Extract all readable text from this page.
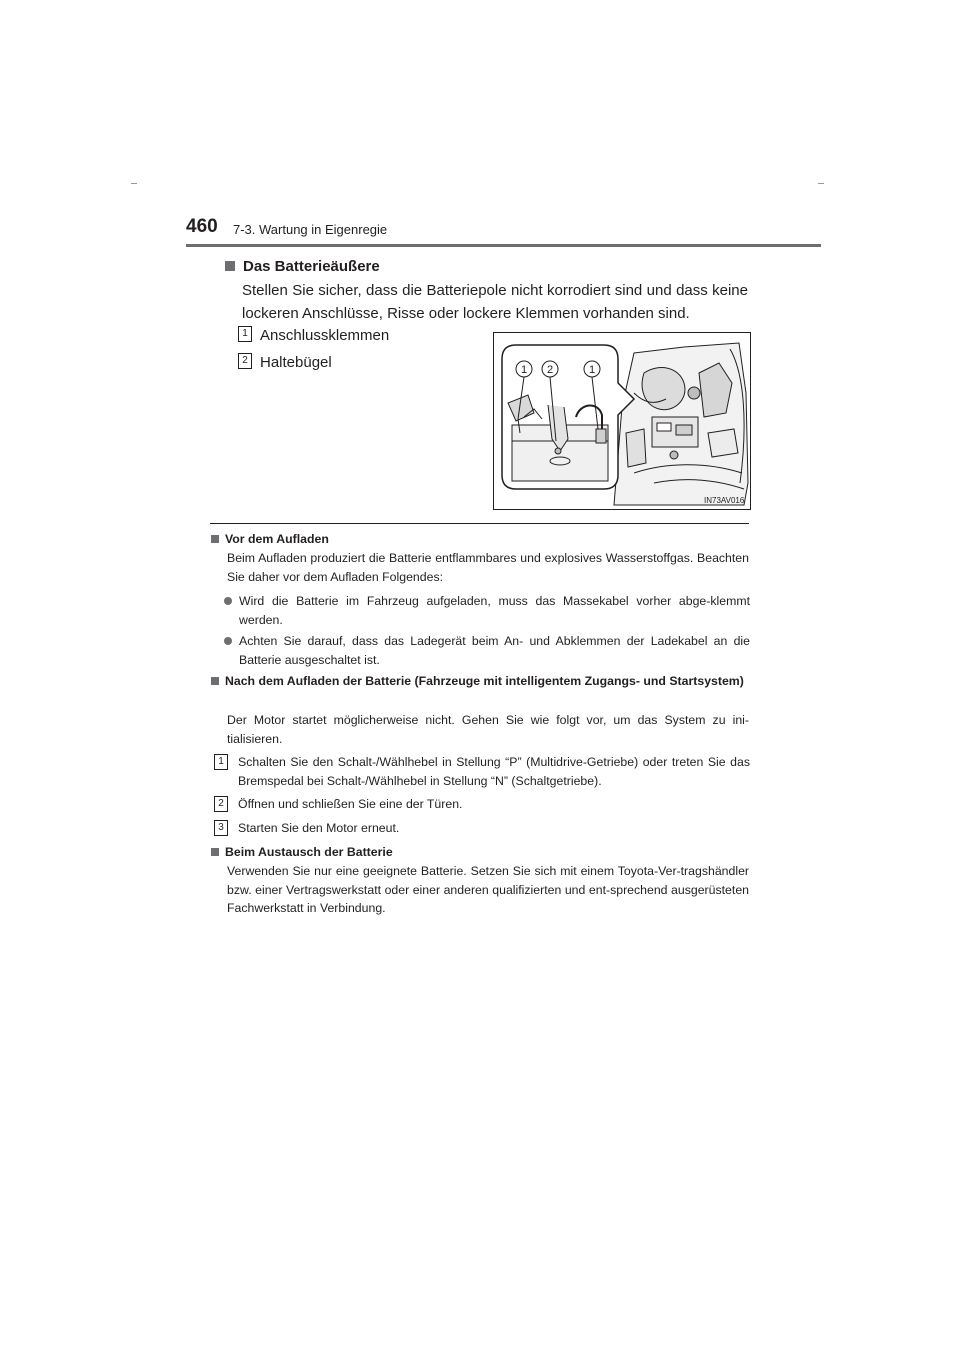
460 7-3. Wartung in Eigenregie
Das Batterieäußere
Stellen Sie sicher, dass die Batteriepole nicht korrodiert sind und dass keine lockeren Anschlüsse, Risse oder lockere Klemmen vorhanden sind.
1 Anschlussklemmen
2 Haltebügel	1 2	1
IN73AV016
Vor dem Aufladen
Beim Aufladen produziert die Batterie entflammbares und explosives Wasserstoffgas. Beachten Sie daher vor dem Aufladen Folgendes:
Wird die Batterie im Fahrzeug aufgeladen, muss das Massekabel vorher abge-klemmt werden.
Achten Sie darauf, dass das Ladegerät beim An- und Abklemmen der Ladekabel an die Batterie ausgeschaltet ist.
Nach dem Aufladen der Batterie (Fahrzeuge mit intelligentem Zugangs- und Startsystem)
Der Motor startet möglicherweise nicht. Gehen Sie wie folgt vor, um das System zu ini-tialisieren.
1	Schalten Sie den Schalt-/Wählhebel in Stellung “P” (Multidrive-Getriebe) oder treten Sie das Bremspedal bei Schalt-/Wählhebel in Stellung “N” (Schaltgetriebe).
2	Öffnen und schließen Sie eine der Türen.
3	Starten Sie den Motor erneut.
Beim Austausch der Batterie
Verwenden Sie nur eine geeignete Batterie. Setzen Sie sich mit einem Toyota-Ver-tragshändler bzw. einer Vertragswerkstatt oder einer anderen qualifizierten und ent-sprechend ausgerüsteten Fachwerkstatt in Verbindung.
